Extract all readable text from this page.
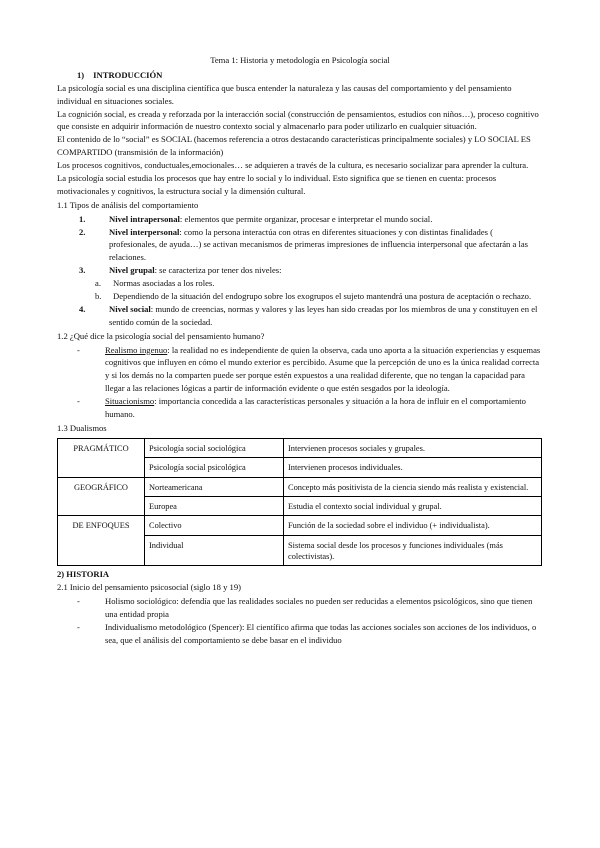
Tema 1: Historia y metodología en Psicología social

1) INTRODUCCIÓN

La psicología social es una disciplina científica que busca entender la naturaleza y las causas del comportamiento y del pensamiento individual en situaciones sociales.

La cognición social, es creada y reforzada por la interacción social (construcción de pensamientos, estudios con niños…), proceso cognitivo que consiste en adquirir información de nuestro contexto social y almacenarlo para poder utilizarlo en cualquier situación.

El contenido de lo “social” es SOCIAL (hacemos referencia a otros destacando características principalmente sociales) y LO SOCIAL ES COMPARTIDO (transmisión de la información)

Los procesos cognitivos, conductuales,emocionales… se adquieren a través de la cultura, es necesario socializar para aprender la cultura.

La psicología social estudia los procesos que hay entre lo social y lo individual. Esto significa que se tienen en cuenta: procesos motivacionales y cognitivos, la estructura social y la dimensión cultural.

1.1 Tipos de análisis del comportamiento

1.	Nivel intrapersonal: elementos que permite organizar, procesar e interpretar el mundo social.
2.	Nivel interpersonal: como la persona interactúa con otras en diferentes situaciones y con distintas finalidades ( profesionales, de ayuda…) se activan mecanismos de primeras impresiones de influencia interpersonal que afectarán a las relaciones.
3.	Nivel grupal: se caracteriza por tener dos niveles:
a. Normas asociadas a los roles.
b. Dependiendo de la situación del endogrupo sobre los exogrupos el sujeto mantendrá una postura de aceptación o rechazo.
4.	Nivel social: mundo de creencias, normas y valores y las leyes han sido creadas por los miembros de una y constituyen en el sentido común de la sociedad.

1.2 ¿Qué dice la psicología social del pensamiento humano?

-	Realismo ingenuo: la realidad no es independiente de quien la observa, cada uno aporta a la situación experiencias y esquemas cognitivos que influyen en cómo el mundo exterior es percibido. Asume que la percepción de uno es la única realidad correcta y si los demás no la comparten puede ser porque estén expuestos a una realidad diferente, que no tengan la capacidad para llegar a las relaciones lógicas a partir de información evidente o que estén sesgados por la ideología.
-	Situacionismo: importancia concedida a las características personales y situación a la hora de influir en el comportamiento humano.

1.3 Dualismos

PRAGMÁTICO	Psicología social sociológica	Intervienen procesos sociales y grupales.
	Psicología social psicológica	Intervienen procesos individuales.
GEOGRÁFICO	Norteamericana	Concepto más positivista de la ciencia siendo más realista y existencial.
	Europea	Estudia el contexto social individual y grupal.
DE ENFOQUES	Colectivo	Función de la sociedad sobre el individuo (+ individualista).
	Individual	Sistema social desde los procesos y funciones individuales (más colectivistas).

2) HISTORIA

2.1 Inicio del pensamiento psicosocial (siglo 18 y 19)

-	Holismo sociológico: defendía que las realidades sociales no pueden ser reducidas a elementos psicológicos, sino que tienen una entidad propia
-	Individualismo metodológico (Spencer): El científico afirma que todas las acciones sociales son acciones de los individuos, o sea, que el análisis del comportamiento se debe basar en el individuo
